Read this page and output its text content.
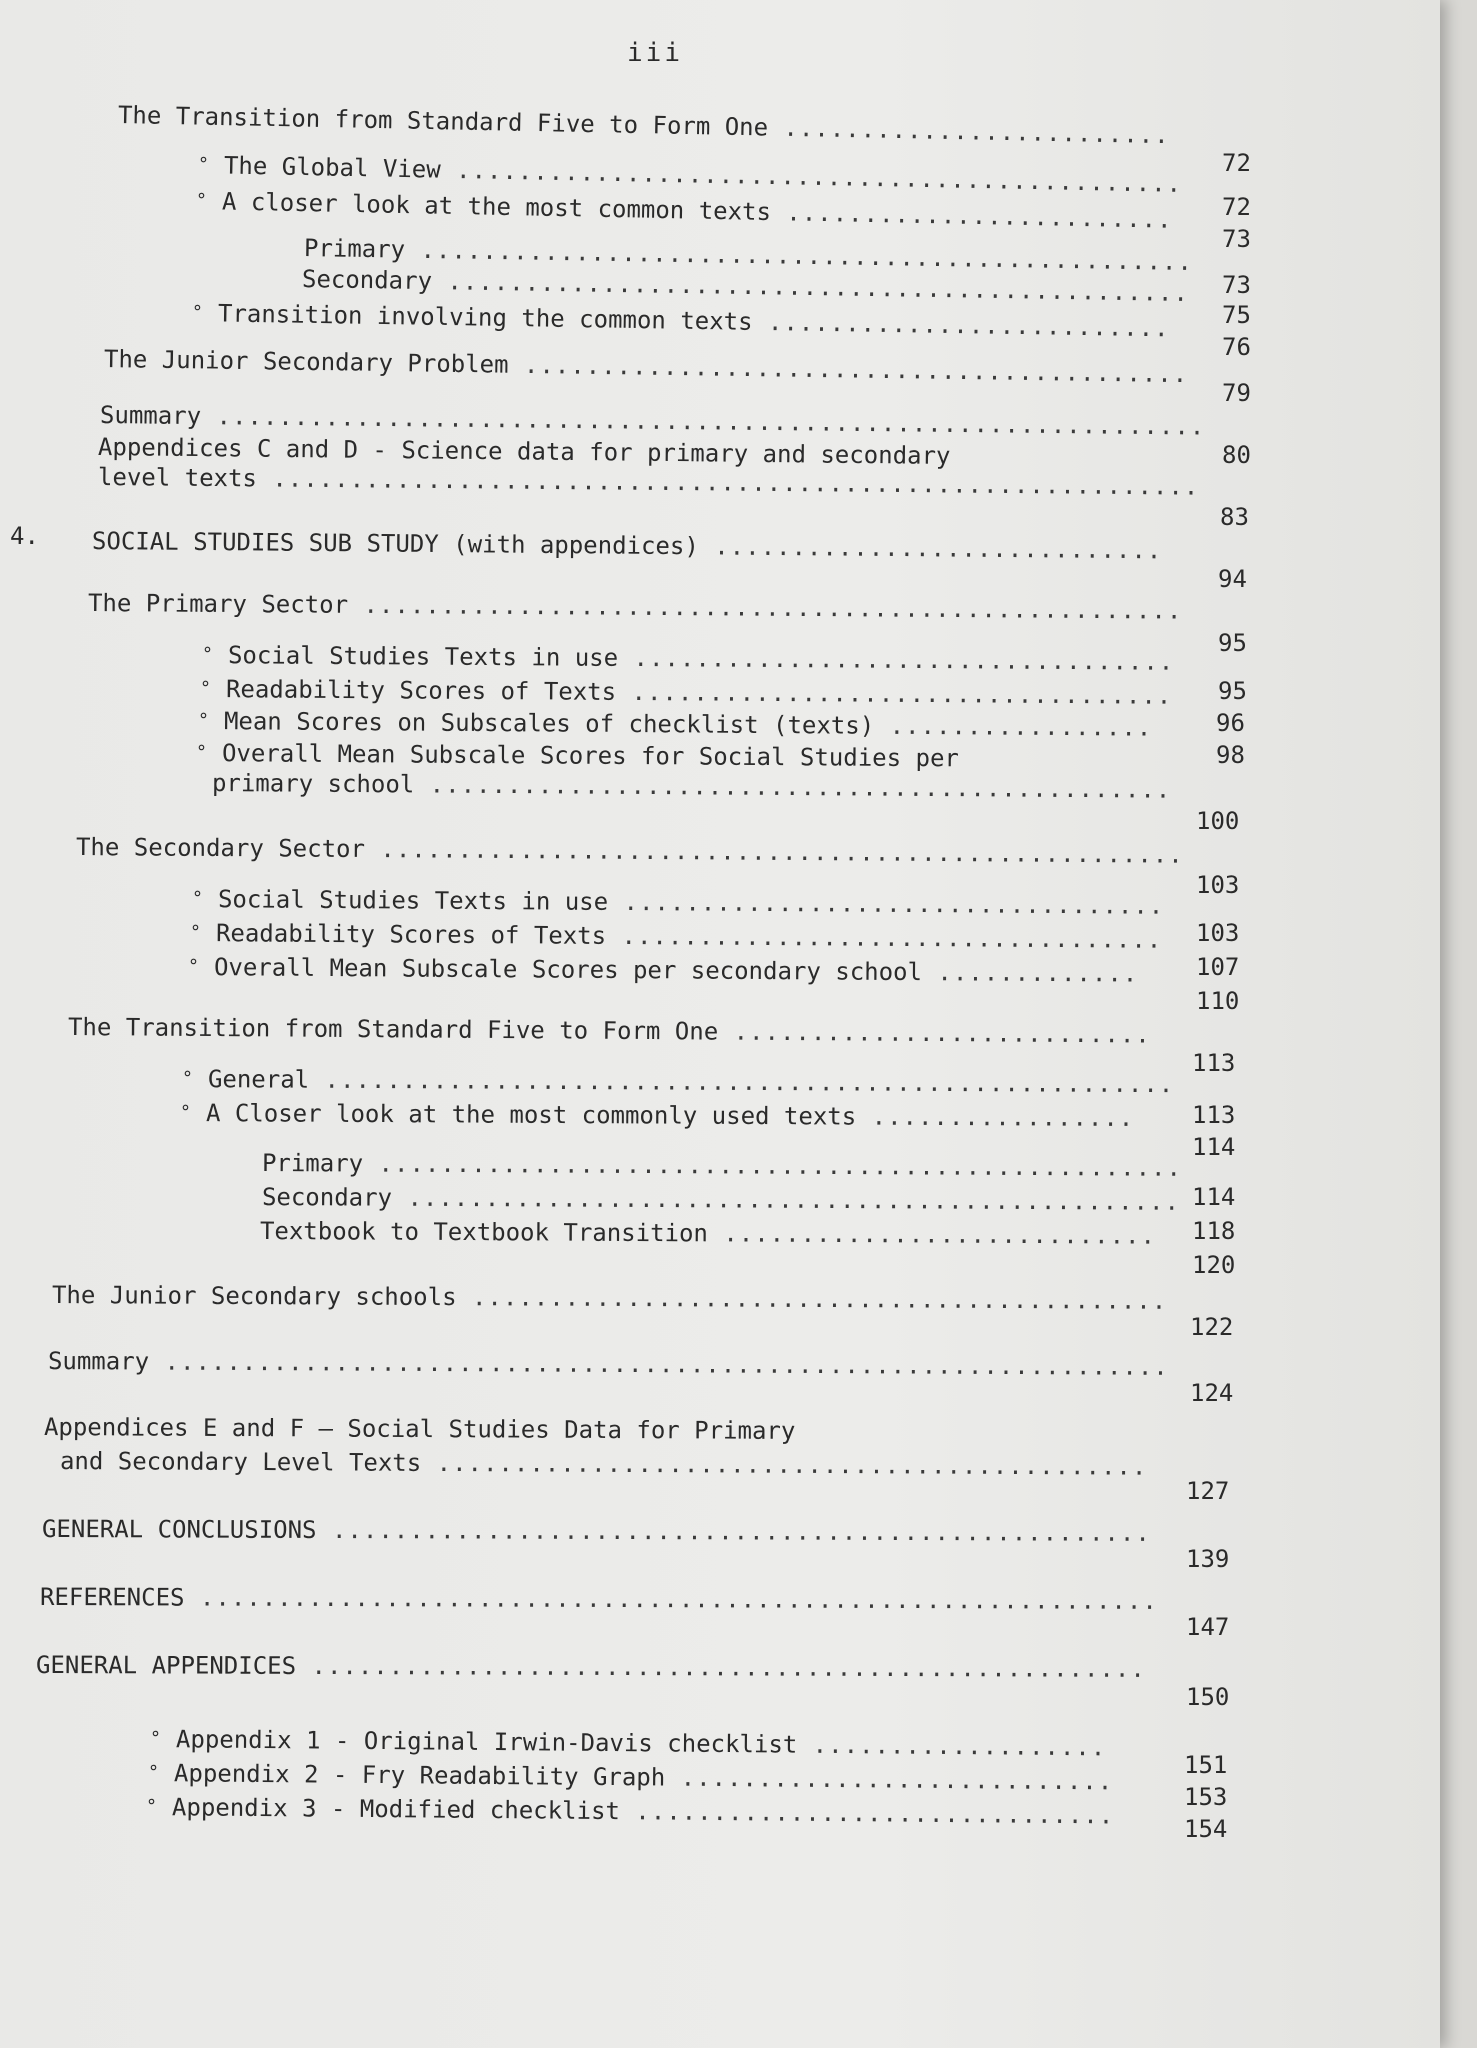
iii
72
The Transition from Standard Five to Form One .........................
72
° The Global View ...............................................
73
° A closer look at the most common texts .........................
73
Primary ..................................................
75
Secondary ................................................
76
° Transition involving the common texts ..........................
79
The Junior Secondary Problem ...........................................
80
Summary ................................................................
Appendices C and D - Science data for primary and secondary
83
level texts ............................................................
4.
94
SOCIAL STUDIES SUB STUDY (with appendices) .............................
95
The Primary Sector .....................................................
95
° Social Studies Texts in use ...................................
96
° Readability Scores of Texts ...................................
98
° Mean Scores on Subscales of checklist (texts) .................
° Overall Mean Subscale Scores for Social Studies per
100
primary school ................................................
103
The Secondary Sector ....................................................
103
° Social Studies Texts in use ...................................
107
° Readability Scores of Texts ...................................
110
° Overall Mean Subscale Scores per secondary school .............
113
The Transition from Standard Five to Form One ...........................
113
° General .......................................................
114
° A Closer look at the most commonly used texts .................
114
Primary ....................................................
118
Secondary ..................................................
120
Textbook to Textbook Transition ............................
122
The Junior Secondary schools .............................................
124
Summary .................................................................
Appendices E and F — Social Studies Data for Primary
127
and Secondary Level Texts ..............................................
139
GENERAL CONCLUSIONS .....................................................
147
REFERENCES ..............................................................
150
GENERAL APPENDICES ......................................................
151
° Appendix 1 - Original Irwin-Davis checklist ...................
153
° Appendix 2 - Fry Readability Graph ............................
154
° Appendix 3 - Modified checklist ...............................
